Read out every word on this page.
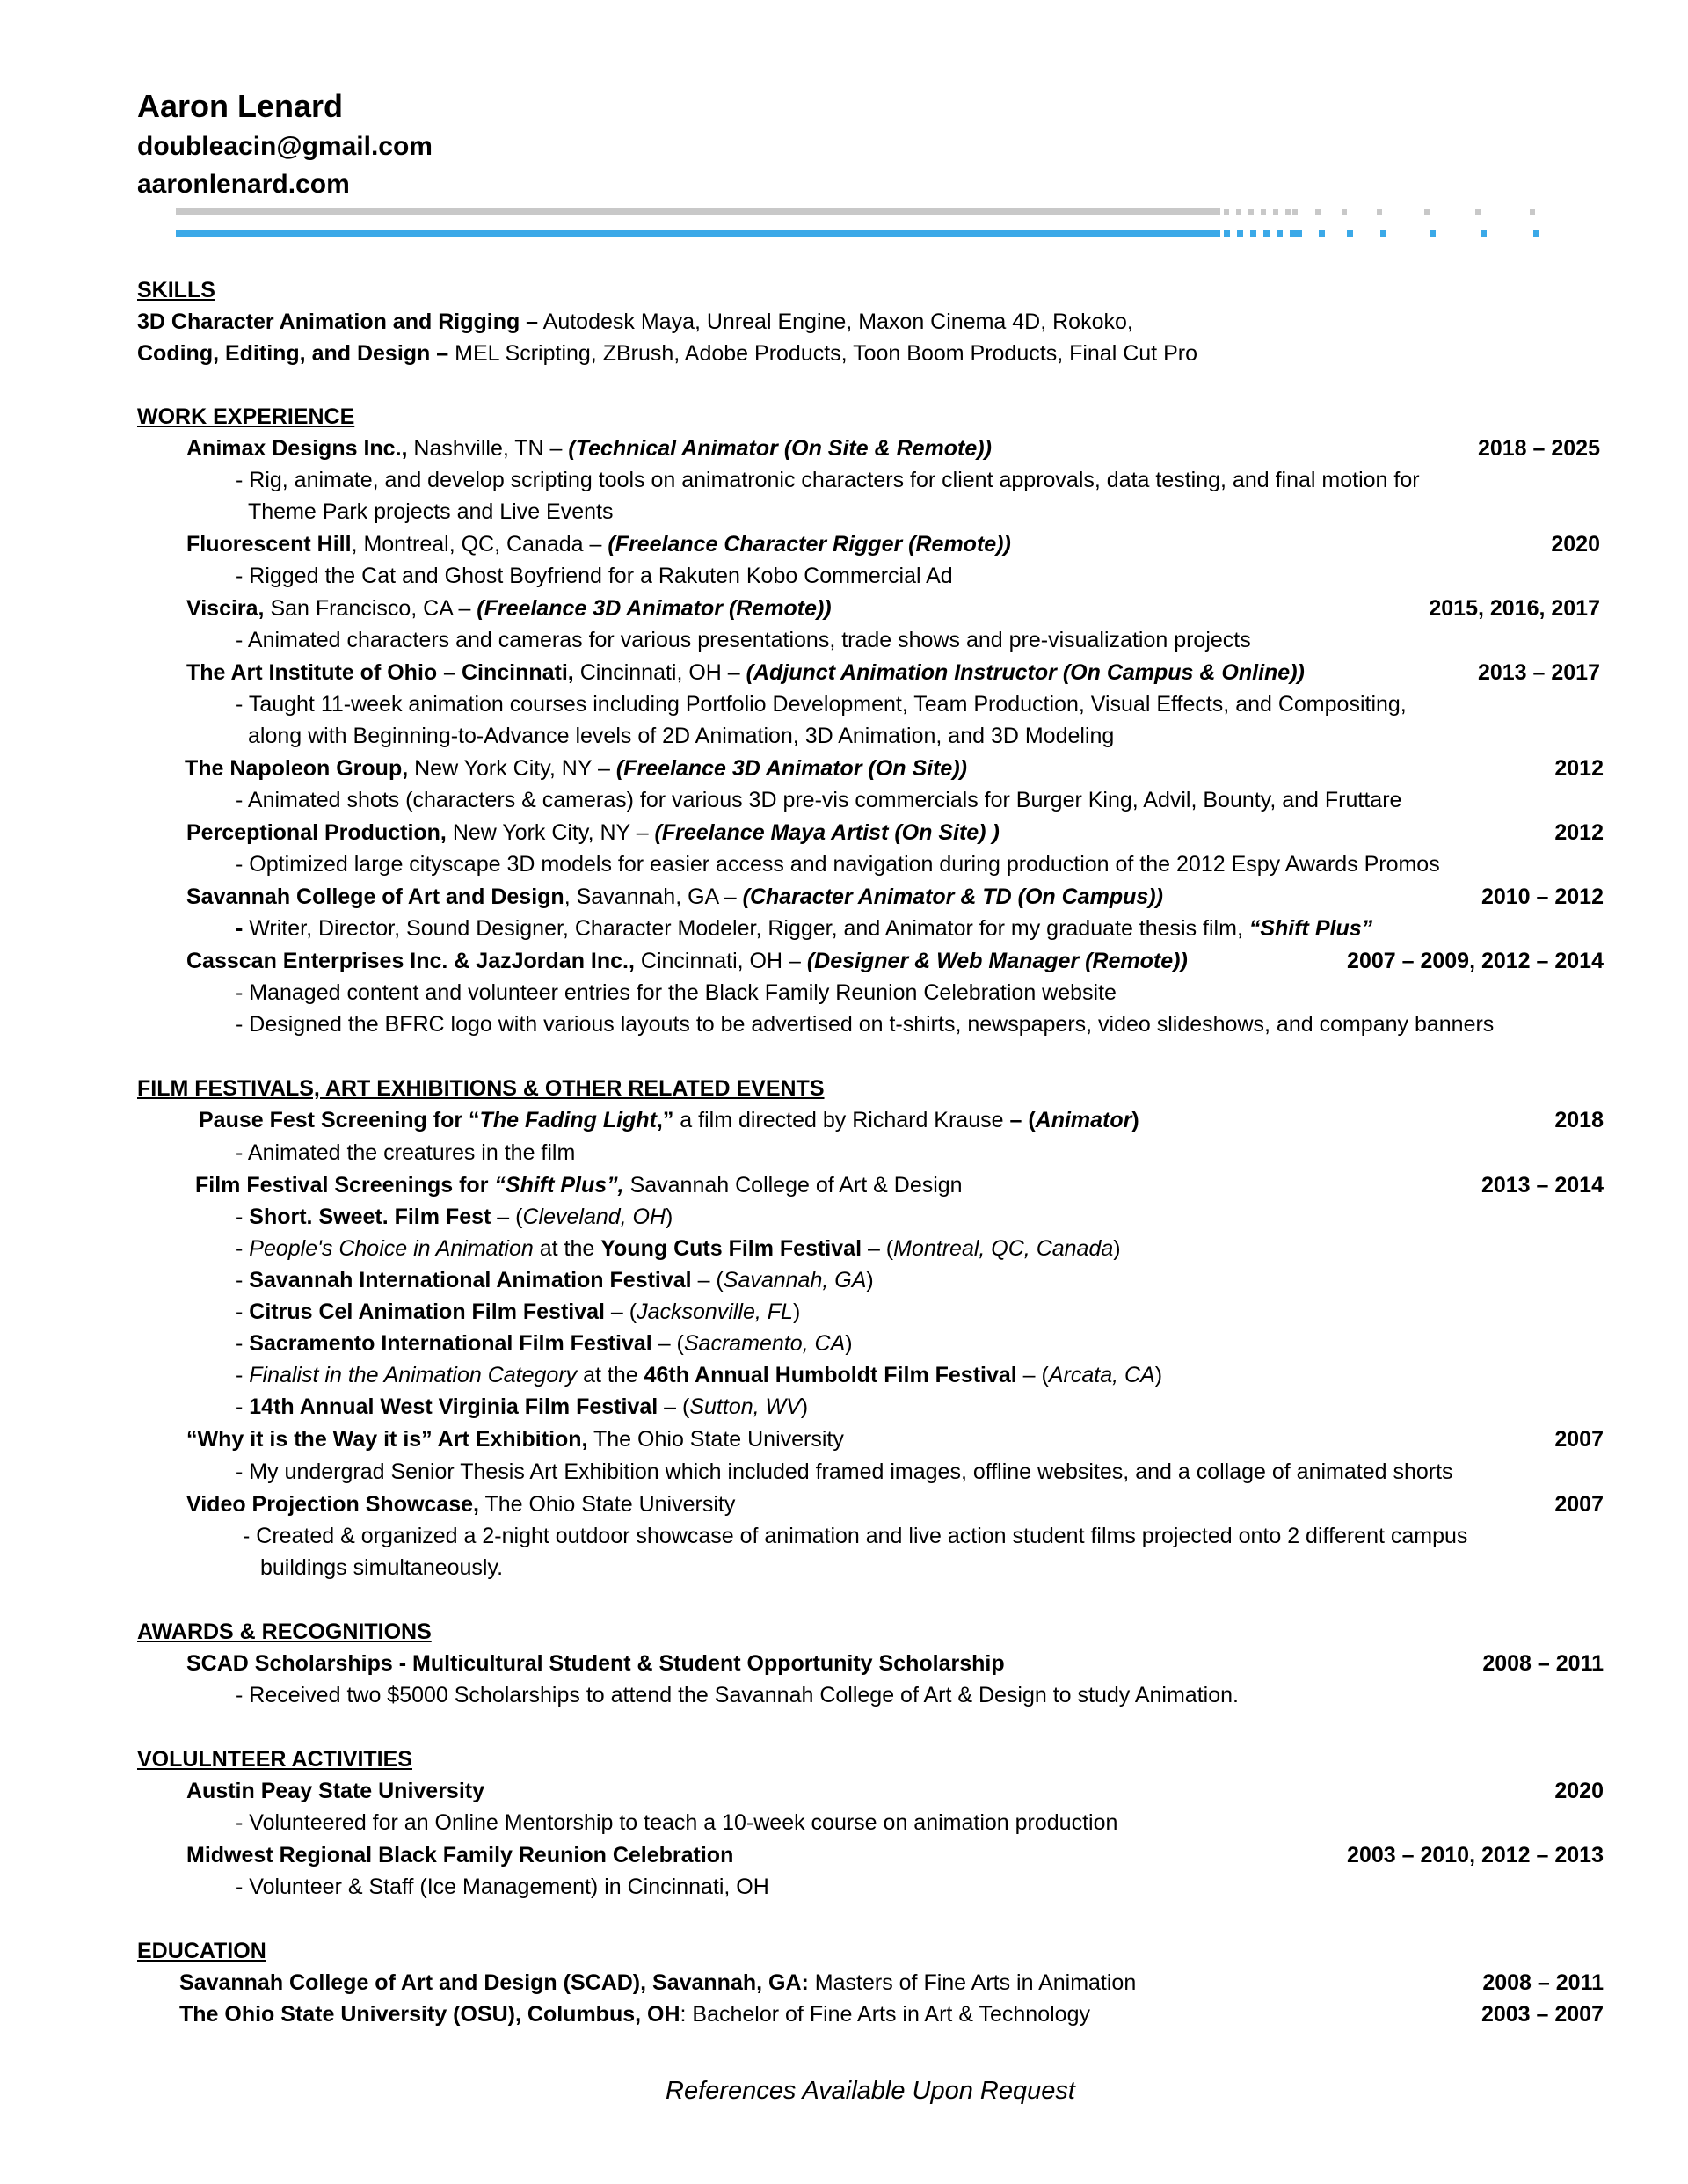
Aaron Lenard
doubleacin@gmail.com
aaronlenard.com
SKILLS
3D Character Animation and Rigging – Autodesk Maya, Unreal Engine, Maxon Cinema 4D, Rokoko,
Coding, Editing, and Design – MEL Scripting, ZBrush, Adobe Products, Toon Boom Products, Final Cut Pro
WORK EXPERIENCE
Animax Designs Inc., Nashville, TN – (Technical Animator (On Site & Remote))	2018 – 2025
- Rig, animate, and develop scripting tools on animatronic characters for client approvals, data testing, and final motion for
Theme Park projects and Live Events
Fluorescent Hill, Montreal, QC, Canada – (Freelance Character Rigger (Remote))	2020
- Rigged the Cat and Ghost Boyfriend for a Rakuten Kobo Commercial Ad
Viscira, San Francisco, CA – (Freelance 3D Animator (Remote))	2015, 2016, 2017
- Animated characters and cameras for various presentations, trade shows and pre-visualization projects
The Art Institute of Ohio – Cincinnati, Cincinnati, OH – (Adjunct Animation Instructor (On Campus & Online))	2013 – 2017
- Taught 11-week animation courses including Portfolio Development, Team Production, Visual Effects, and Compositing,
along with Beginning-to-Advance levels of 2D Animation, 3D Animation, and 3D Modeling
The Napoleon Group, New York City, NY – (Freelance 3D Animator (On Site))	2012
- Animated shots (characters & cameras) for various 3D pre-vis commercials for Burger King, Advil, Bounty, and Fruttare
Perceptional Production, New York City, NY – (Freelance Maya Artist (On Site) )	2012
- Optimized large cityscape 3D models for easier access and navigation during production of the 2012 Espy Awards Promos
Savannah College of Art and Design, Savannah, GA – (Character Animator & TD (On Campus))	2010 – 2012
- Writer, Director, Sound Designer, Character Modeler, Rigger, and Animator for my graduate thesis film, “Shift Plus”
Casscan Enterprises Inc. & JazJordan Inc., Cincinnati, OH – (Designer & Web Manager (Remote))	2007 – 2009, 2012 – 2014
- Managed content and volunteer entries for the Black Family Reunion Celebration website
- Designed the BFRC logo with various layouts to be advertised on t-shirts, newspapers, video slideshows, and company banners
FILM FESTIVALS, ART EXHIBITIONS & OTHER RELATED EVENTS
Pause Fest Screening for “The Fading Light,” a film directed by Richard Krause – (Animator)	2018
- Animated the creatures in the film
Film Festival Screenings for “Shift Plus”, Savannah College of Art & Design	2013 – 2014
- Short. Sweet. Film Fest – (Cleveland, OH)
- People's Choice in Animation at the Young Cuts Film Festival – (Montreal, QC, Canada)
- Savannah International Animation Festival – (Savannah, GA)
- Citrus Cel Animation Film Festival – (Jacksonville, FL)
- Sacramento International Film Festival – (Sacramento, CA)
- Finalist in the Animation Category at the 46th Annual Humboldt Film Festival – (Arcata, CA)
- 14th Annual West Virginia Film Festival – (Sutton, WV)
“Why it is the Way it is” Art Exhibition, The Ohio State University	2007
- My undergrad Senior Thesis Art Exhibition which included framed images, offline websites, and a collage of animated shorts
Video Projection Showcase, The Ohio State University	2007
- Created & organized a 2-night outdoor showcase of animation and live action student films projected onto 2 different campus
buildings simultaneously.
AWARDS & RECOGNITIONS
SCAD Scholarships - Multicultural Student & Student Opportunity Scholarship	2008 – 2011
- Received two $5000 Scholarships to attend the Savannah College of Art & Design to study Animation.
VOLULNTEER ACTIVITIES
Austin Peay State University	2020
- Volunteered for an Online Mentorship to teach a 10-week course on animation production
Midwest Regional Black Family Reunion Celebration	2003 – 2010, 2012 – 2013
- Volunteer & Staff (Ice Management) in Cincinnati, OH
EDUCATION
Savannah College of Art and Design (SCAD), Savannah, GA: Masters of Fine Arts in Animation	2008 – 2011
The Ohio State University (OSU), Columbus, OH: Bachelor of Fine Arts in Art & Technology	2003 – 2007
References Available Upon Request
